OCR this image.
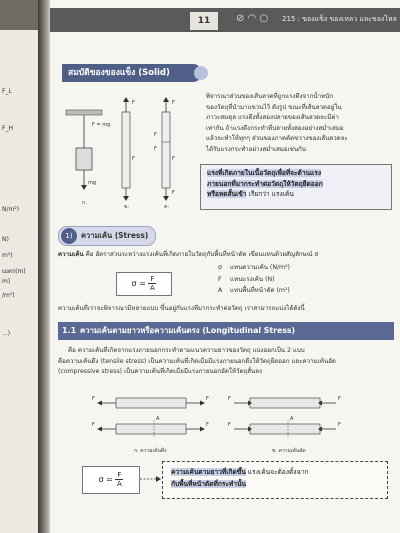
F_L
F_H
N/m²)
N)
m²)
เมตร(m)
m)
/m²)
...)
11	⊘ ◠ ○ 215 : ของแข็ง ของเหลว และของไหล
สมบัติของของแข็ง (Solid)
F = mg
mg
ก.
F
F
ข.
F
F
F
F
F
ค.
พิจารณาส่วนของเส้นลวดที่ถูกแรงดึงจากน้ำหนัก
ของวัตถุที่นำมาแขวนไว้ ดังรูป ขณะที่เส้นลวดอยู่ใน
ภาวะสมดุล แรงดึงทั้งสองปลายของเส้นลวดจะมีค่า
เท่ากัน ถ้าแรงดึงกระทำที่ปลายทั้งสองอย่างสม่ำเสมอ
แล้วจะทำให้ทุกๆ ส่วนของภาคตัดขวางของเส้นลวดจะ
ได้รับแรงกระทำอย่างสม่ำเสมอเช่นกัน
แรงที่เกิดภายในเนื้อวัตถุเพื่อที่จะต้านแรง
ภายนอกที่มากระทำต่อวัตถุให้วัตถุยืดออก
หรือหดสั้นเข้า เรียกว่า แรงเค้น
1)	ความเค้น (Stress)
ความเค้น คือ อัตราส่วนระหว่างแรงเค้นที่เกิดภายในวัตถุกับพื้นที่หน้าตัด เขียนแทนด้วยสัญลักษณ์ σ
$\sigma = \frac{F}{A}$
σ แทนความเค้น (N/m²)
F แทนแรงเค้น (N)
A แทนพื้นที่หน้าตัด (m²)
ความเค้นที่เราจะพิจารณามีหลายแบบ ขึ้นอยู่กับแรงที่มากระทำต่อวัตถุ เราสามารถแบ่งได้ดังนี้
1.1 ความเค้นตามยาวหรือความเค้นตรง (Longitudinal Stress)
คือ ความเค้นที่เกิดจากแรงภายนอกกระทำตามแนวความยาวของวัตถุ แบ่งออกเป็น 2 แบบ
คือความเค้นดึง (tensile stress) เป็นความเค้นที่เกิดเมื่อมีแรงภายนอกดึงให้วัตถุยืดออก และความเค้นอัด
(compressive stress) เป็นความเค้นที่เกิดเมื่อมีแรงภายนอกอัดให้วัตถุสั้นลง
F	F
F	F
A
ก. ความเค้นดึง
F	F
F	F
A
ข. ความเค้นอัด
$\sigma = \frac{F}{A}$	ความเค้นตามยาวที่เกิดขึ้น แรงเค้นจะต้องตั้งฉาก
กับพื้นที่หน้าตัดที่กระทำนั้น
